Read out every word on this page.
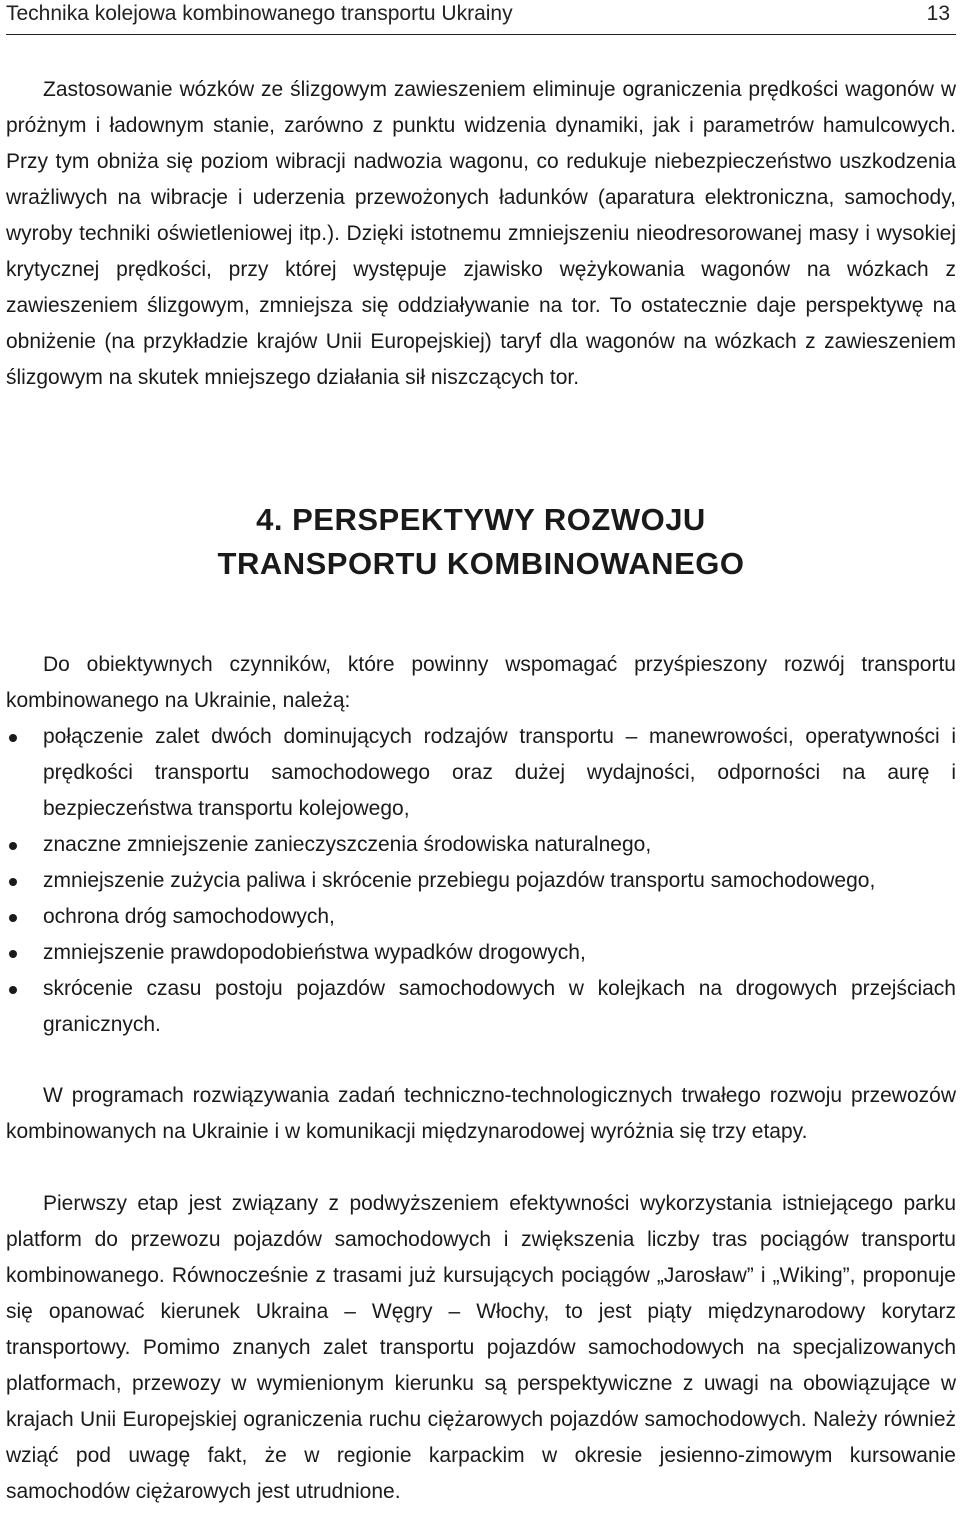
Technika kolejowa kombinowanego transportu Ukrainy	13

Zastosowanie wózków ze ślizgowym zawieszeniem eliminuje ograniczenia prędkości wagonów w próżnym i ładownym stanie, zarówno z punktu widzenia dynamiki, jak i parametrów hamulcowych. Przy tym obniża się poziom wibracji nadwozia wagonu, co redukuje niebezpieczeństwo uszkodzenia wrażliwych na wibracje i uderzenia przewożonych ładunków (aparatura elektroniczna, samochody, wyroby techniki oświetleniowej itp.). Dzięki istotnemu zmniejszeniu nieodresorowanej masy i wysokiej krytycznej prędkości, przy której występuje zjawisko wężykowania wagonów na wózkach z zawieszeniem ślizgowym, zmniejsza się oddziaływanie na tor. To ostatecznie daje perspektywę na obniżenie (na przykładzie krajów Unii Europejskiej) taryf dla wagonów na wózkach z zawieszeniem ślizgowym na skutek mniejszego działania sił niszczących tor.

4. PERSPEKTYWY ROZWOJU
TRANSPORTU KOMBINOWANEGO

Do obiektywnych czynników, które powinny wspomagać przyśpieszony rozwój transportu kombinowanego na Ukrainie, należą:

połączenie zalet dwóch dominujących rodzajów transportu – manewrowości, operatywności i prędkości transportu samochodowego oraz dużej wydajności, odporności na aurę i bezpieczeństwa transportu kolejowego,
znaczne zmniejszenie zanieczyszczenia środowiska naturalnego,
zmniejszenie zużycia paliwa i skrócenie przebiegu pojazdów transportu samochodowego,
ochrona dróg samochodowych,
zmniejszenie prawdopodobieństwa wypadków drogowych,
skrócenie czasu postoju pojazdów samochodowych w kolejkach na drogowych przejściach granicznych.

W programach rozwiązywania zadań techniczno-technologicznych trwałego rozwoju przewozów kombinowanych na Ukrainie i w komunikacji międzynarodowej wyróżnia się trzy etapy.

Pierwszy etap jest związany z podwyższeniem efektywności wykorzystania istniejącego parku platform do przewozu pojazdów samochodowych i zwiększenia liczby tras pociągów transportu kombinowanego. Równocześnie z trasami już kursujących pociągów „Jarosław” i „Wiking”, proponuje się opanować kierunek Ukraina – Węgry – Włochy, to jest piąty międzynarodowy korytarz transportowy. Pomimo znanych zalet transportu pojazdów samochodowych na specjalizowanych platformach, przewozy w wymienionym kierunku są perspektywiczne z uwagi na obowiązujące w krajach Unii Europejskiej ograniczenia ruchu ciężarowych pojazdów samochodowych. Należy również wziąć pod uwagę fakt, że w regionie karpackim w okresie jesienno-zimowym kursowanie samochodów ciężarowych jest utrudnione.
